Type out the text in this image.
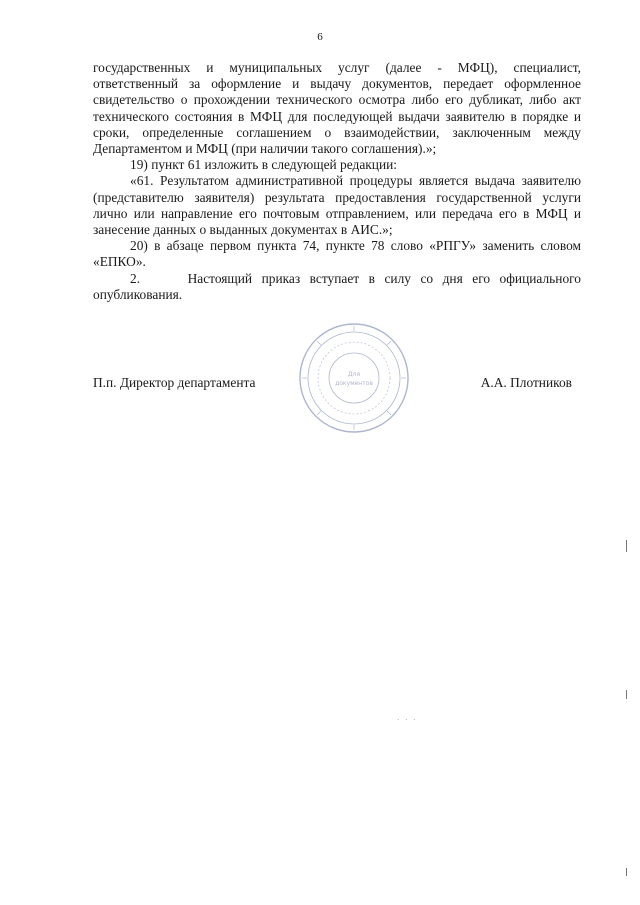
6

государственных и муниципальных услуг (далее - МФЦ), специалист, ответственный за оформление и выдачу документов, передает оформленное свидетельство о прохождении технического осмотра либо его дубликат, либо акт технического состояния в МФЦ для последующей выдачи заявителю в порядке и сроки, определенные соглашением о взаимодействии, заключенным между Департаментом и МФЦ (при наличии такого соглашения).»;

19) пункт 61 изложить в следующей редакции:

«61. Результатом административной процедуры является выдача заявителю (представителю заявителя) результата предоставления государственной услуги лично или направление его почтовым отправлением, или передача его в МФЦ и занесение данных о выданных документах в АИС.»;

20) в абзаце первом пункта 74, пункте 78 слово «РПГУ» заменить словом «ЕПКО».

2.     Настоящий приказ вступает в силу со дня его официального опубликования.

П.п. Директор департамента	А.А. Плотников
Для
документов
· · ·
